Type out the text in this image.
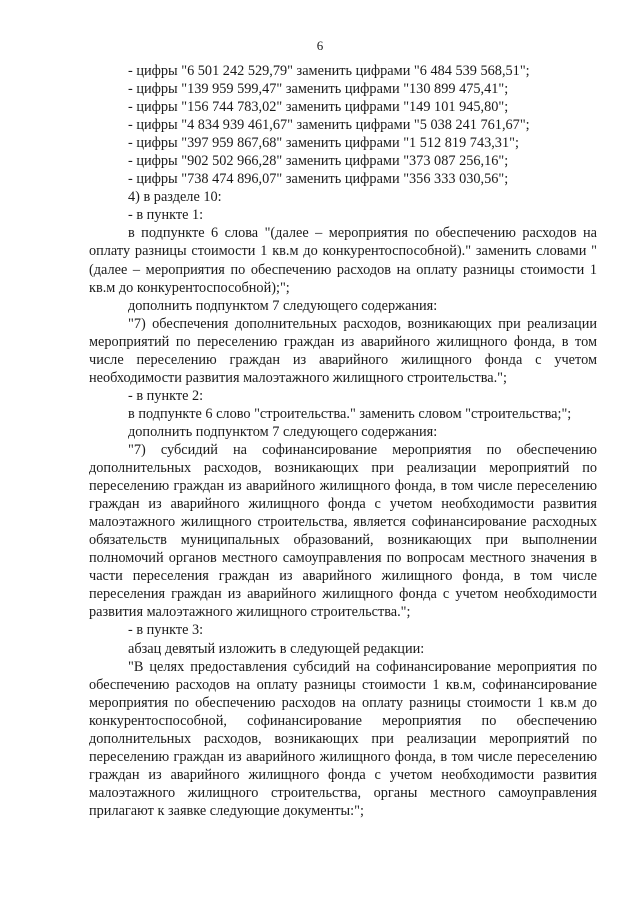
6

- цифры "6 501 242 529,79" заменить цифрами "6 484 539 568,51";

- цифры "139 959 599,47" заменить цифрами "130 899 475,41";

- цифры "156 744 783,02" заменить цифрами "149 101 945,80";

- цифры "4 834 939 461,67" заменить цифрами "5 038 241 761,67";

- цифры "397 959 867,68" заменить цифрами "1 512 819 743,31";

- цифры "902 502 966,28" заменить цифрами "373 087 256,16";

- цифры "738 474 896,07" заменить цифрами "356 333 030,56";

4) в разделе 10:

- в пункте 1:

в подпункте 6 слова "(далее – мероприятия по обеспечению расходов на оплату разницы стоимости 1 кв.м до конкурентоспособной)." заменить словами "(далее – мероприятия по обеспечению расходов на оплату разницы стоимости 1 кв.м до конкурентоспособной);";

дополнить подпунктом 7 следующего содержания:

"7) обеспечения дополнительных расходов, возникающих при реализации мероприятий по переселению граждан из аварийного жилищного фонда, в том числе переселению граждан из аварийного жилищного фонда с учетом необходимости развития малоэтажного жилищного строительства.";

- в пункте 2:

в подпункте 6 слово "строительства." заменить словом "строительства;";

дополнить подпунктом 7 следующего содержания:

"7) субсидий на софинансирование мероприятия по обеспечению дополнительных расходов, возникающих при реализации мероприятий по переселению граждан из аварийного жилищного фонда, в том числе переселению граждан из аварийного жилищного фонда с учетом необходимости развития малоэтажного жилищного строительства, является софинансирование расходных обязательств муниципальных образований, возникающих при выполнении полномочий органов местного самоуправления по вопросам местного значения в части переселения граждан из аварийного жилищного фонда, в том числе переселения граждан из аварийного жилищного фонда с учетом необходимости развития малоэтажного жилищного строительства.";

- в пункте 3:

абзац девятый изложить в следующей редакции:

"В целях предоставления субсидий на софинансирование мероприятия по обеспечению расходов на оплату разницы стоимости 1 кв.м, софинансирование мероприятия по обеспечению расходов на оплату разницы стоимости 1 кв.м до конкурентоспособной, софинансирование мероприятия по обеспечению дополнительных расходов, возникающих при реализации мероприятий по переселению граждан из аварийного жилищного фонда, в том числе переселению граждан из аварийного жилищного фонда с учетом необходимости развития малоэтажного жилищного строительства, органы местного самоуправления прилагают к заявке следующие документы:";
